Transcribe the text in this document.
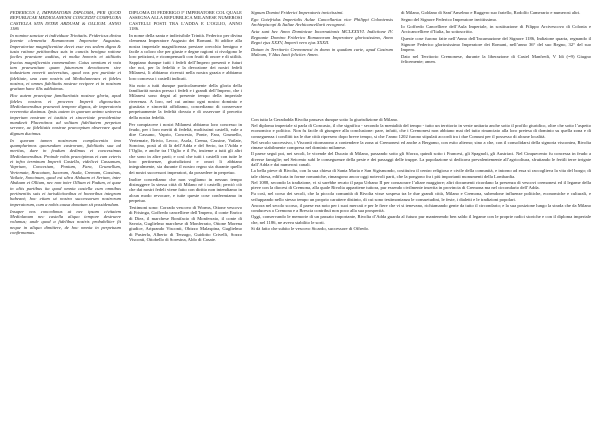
FEDERICUS I, IMPERATORIS DIPLOMA, PER QUOD REPUBLICAE MEDIOLANENSI CONCEDIT COMPLURA CASTELLA SITA INTER ABDUAM & OLLIUM. ANNO 1186

In nomine sanctae et individuae Trinitatis. Fridericus divina favente clementia Romanorum Imperator Augustus. Imperatoriae magnificentiae decet esse eos sedem digna & iusta ratione petitionibus suis in cunctis benigna ratione faciles praestare auditus, et multa honoris et utilitatis fructus magnificentia commendare. Cuius omnium et vota tam praesentium quam futurorum devotionem sive industriam noverit universitas, quod nos pro puritate et fidelitate, una cum nostris ad Mediolanenses et fideles nostros, et omnes fidelitatis nostrae recipere et in nostram gratiam hanc illis addiximus.

Hoc autem praecipue familiaritatis nostrae gloria, apud fideles nostros et proceres Imperii dignoscitur. Mediolanensibus praesenti tempore dignos, de imperatoria reverentia duximus. Ipsis autem in quorum animo universa imperium nostrum et iustitia et sinceritate providentiae mandavit Placentinos ad solitam fidelitatem perpetuo servare, ac fidelitatis nostrae praeceptum observare quod dignum ducimus.

In quorum tamen nostrorum complacentia imo quamplurimos quorundam castrorum, fidelitatis sua ad meritas, dare in feudum dedimus et concessimus Mediolanensibus. Proinde vobis praecipimus et cum ceteris et infra terminum Imperii Castella, videlicet Cassanum, Vaprium, Concesium, Pontum, Fara, Grumellum, Vertemate, Bracatum, Iucarum, Asula, Cremam, Cassinas, Vailate, Soncinum, quod est ultra Abduam et Serium, inter Abduam et Ollium, nec non inter Ollium et Padum, et quae in aliis partibus ita quod omnia castella cum omnibus pertinentiis suis et iurisdictionibus et honoribus integram habeant; hoc etiam ut nostra successorum nostrorum imperatorum, cum a nobis causa donatum sit possidendum.

Insuper nos concedimus ut nec ipsam civitatem Mediolanum nec castella aliquo tempore destruere volumus; unde quod a fidelibus nostris probabiliter fit neque in aliquo dimittere, de hoc omnia in perpetuum confirmamus.

DIPLOMA DI FEDERIGO I° IMPERATORE COL QUALE ASSEGNA ALLA REPUBBLICA MILANESE NUMEROSI CASTELLI POSTI TRA L’ADDA E L’OGLIO, ANNO 1186.

In nome della santa e indivisibile Trinità. Federico per divina clemenza Imperatore Augusto dei Romani. Si addice alla nostra imperiale magnificenza prestare orecchio benigno e facile a coloro che per giuste e degne ragioni ci rivolgono le loro petizioni, e ricompensarli con frutti di onore e di utilità. Sappiano dunque tutti i fedeli dell’Impero presenti e futuri che noi, per la fedeltà e la devozione dei nostri fedeli Milanesi, li abbiamo ricevuti nella nostra grazia e abbiamo loro concesso i castelli indicati.

Sia noto a tutti dunque particolarmente della gloria della familiarità nostra presso i fedeli e i grandi dell’Impero, che i Milanesi sono degni al presente tempo della imperiale riverenza. A loro, nel cui animo ogni nostro dominio e giustizia e sincerità affidiamo, concediamo di conservare perpetuamente la fedeltà dovuta e di osservare il precetto della nostra fedeltà.

Per compiacere i nostri Milanesi abbiamo loro concesso in feudo, per i loro meriti di fedeltà, moltissimi castelli, vale a dire Cassano, Vaprio, Concesio, Ponte, Fara, Grumello, Vertemate, Brivio, Lecco, Asola, Crema, Cassine, Vailate, Soncino, posti al di là dell’Adda e del Serio, tra l’Adda e l’Oglio, e anche tra l’Oglio e il Po, insieme a tutti gli altri che sono in altre parti; e così che tutti i castelli con tutte le loro pertinenze, giurisdizioni e onori li abbiano integralmente, sia durante il nostro regno sia durante quello dei nostri successori imperatori, da possedere in perpetuo.

Inoltre concediamo che non vogliamo in nessun tempo distruggere la stessa città di Milano né i castelli; perciò ciò che dai nostri fedeli viene fatto con diritto non intendiamo in alcun modo revocare, e tutte queste cose confermiamo in perpetuo.

Testimoni sono: Corrado vescovo di Worms, Ottone vescovo di Frisinga, Goffredo cancelliere dell’Impero, il conte Enrico di Diez, il marchese Bonifacio di Monferrato, il conte di Savoia, Guglielmo marchese di Monferrato, Ottone Morena giudice, Ariprando Visconti, Obizzo Malaspina, Guglielmo di Pusterla, Alberto di Terzago, Guidotto Crivelli, Sozzo Visconti, Ottobello di Soresina, Aldo di Casate.

Signum Domini Friderici Imperatoris invictissimi.

Ego Gotefridus Imperialis Aulae Cancellarius vice Philippi Coloniensis Archiepiscopi & Italiae Archicancellarii recognovi.

Acta sunt hec Anno Dominicae Incarnationis MCLXXXVI. Indictione IV. Regnante Domino Friderico Romanorum Imperatore gloriosissimo, Anno Regni ejus XXXV, Imperii vero ejus XXXII.

Datum in Territorio Cremonensi in domo in quadam curte, apud Castrum Maleum, V Idus Iunii feliciter. Amen.

di Milano, Goldano di Sant’Anselmo e Ruggero suo fratello, Rodolfo Camerario e numerosi altri.

Segno del Signore Federico Imperatore invittissimo.

Io Goffredo Cancelliere dell’Aula Imperiale, in sostituzione di Filippo Arcivescovo di Colonia e Arcicancelliere d’Italia, ho sottoscritto.

Queste cose furono fatte nell’Anno dell’Incarnazione del Signore 1186, Indizione quarta, regnando il Signore Federico gloriosissimo Imperatore dei Romani, nell’anno 36° del suo Regno, 32° del suo Impero.

Dato nel Territorio Cremonese, durante la liberazione di Castel Manfredi, V Idi (=9) Giugno felicemente; amen.

Con tutta la Geradadda Rivolta passava dunque sotto la giurisdizione di Milano.

Nel diploma imperiale si parla di Concasio, il che significa - secondo la mentalità del tempo - tutto un territorio in veste unitaria anche sotto il profilo giuridico, oltre che sotto l’aspetto economico e politico. Non fu facile di giungere alla conclusione: pare, infatti, che i Cremonesi non abbiano mai del tutto rinunciato alla loro pretesa di dominio su quella zona e di conseguenza i conflitti tra le due città ripresero dopo breve tempo, si che l’anno 1202 furono stipulati accordi tra i due Comuni per il possesso di alcune località.

Nel secolo successivo, i Visconti ritornarono a contendere la zona ai Cremonesi ed anche a Bergamo, con esito alterno; sino a che, con il consolidarsi della signoria viscontea, Rivolta rimase stabilmente compresa nel dominio milanese.

Il paese seguì poi, nei secoli, le vicende del Ducato di Milano, passando sotto gli Sforza, quindi sotto i Francesi, gli Spagnoli, gli Austriaci. Nel Cinquecento fu concessa in feudo a diverse famiglie; nel Seicento subì le conseguenze della peste e dei passaggi delle truppe. La popolazione si dedicava prevalentemente all’agricoltura, sfruttando le fertili terre irrigate dall’Adda e dai numerosi canali.

La bella pieve di Rivolta, con la sua chiesa di Santa Maria e San Sigismondo, costituiva il centro religioso e civile della comunità, e intorno ad essa si raccoglieva la vita del borgo; di tale chiesa, edificata in forme romaniche, rimangono ancor oggi notevoli parti, che la pongono fra i più importanti monumenti della Lombardia.

Nel 1088, secondo la tradizione, vi si sarebbe recato il papa Urbano II per consacrare l’altare maggiore; altri documenti ricordano la presenza di vescovi cremonesi ed il legame della pieve con la diocesi di Cremona, alla quale Rivolta appartiene tuttora, pur essendo civilmente inserita in provincia di Cremona ma nel circondario dell’Adda.

Fu così, nel corso dei secoli, che la piccola comunità di Rivolta visse sospesa tra le due grandi città, Milano e Cremona, subendone influenze politiche, economiche e culturali, e sviluppando nello stesso tempo un proprio carattere distinto, di cui sono testimonianza le consuetudini, le feste, i dialetti e le tradizioni popolari.

Ancora nel secolo scorso, il paese era noto per i suoi mercati e per le fiere che vi si tenevano, richiamando gente da tutto il circondario; e la sua posizione lungo la strada che da Milano conduceva a Cremona e a Brescia contribuì non poco alla sua prosperità.

Oggi, conservando le memorie di un passato importante, Rivolta d’Adda guarda al futuro pur mantenendo ben saldo il legame con le proprie radici storiche e con il diploma imperiale che, nel 1186, ne aveva stabilito le sorti.

Si dà fatto che subito le vescovo Sicardo, successore di Offredo.
